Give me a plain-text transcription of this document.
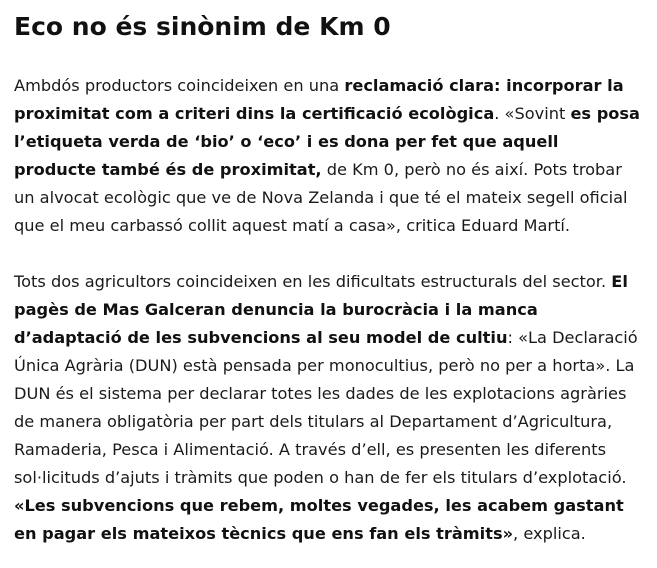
Eco no és sinònim de Km 0

Ambdós productors coincideixen en una reclamació clara: incorporar la proximitat com a criteri dins la certificació ecològica. «Sovint es posa l’etiqueta verda de ‘bio’ o ‘eco’ i es dona per fet que aquell producte també és de proximitat, de Km 0, però no és així. Pots trobar un alvocat ecològic que ve de Nova Zelanda i que té el mateix segell oficial que el meu carbassó collit aquest matí a casa», critica Eduard Martí.

Tots dos agricultors coincideixen en les dificultats estructurals del sector. El pagès de Mas Galceran denuncia la burocràcia i la manca d’adaptació de les subvencions al seu model de cultiu: «La Declaració Única Agrària (DUN) està pensada per monocultius, però no per a horta». La DUN és el sistema per declarar totes les dades de les explotacions agràries de manera obligatòria per part dels titulars al Departament d’Agricultura, Ramaderia, Pesca i Alimentació. A través d’ell, es presenten les diferents sol·licituds d’ajuts i tràmits que poden o han de fer els titulars d’explotació. «Les subvencions que rebem, moltes vegades, les acabem gastant en pagar els mateixos tècnics que ens fan els tràmits», explica.
